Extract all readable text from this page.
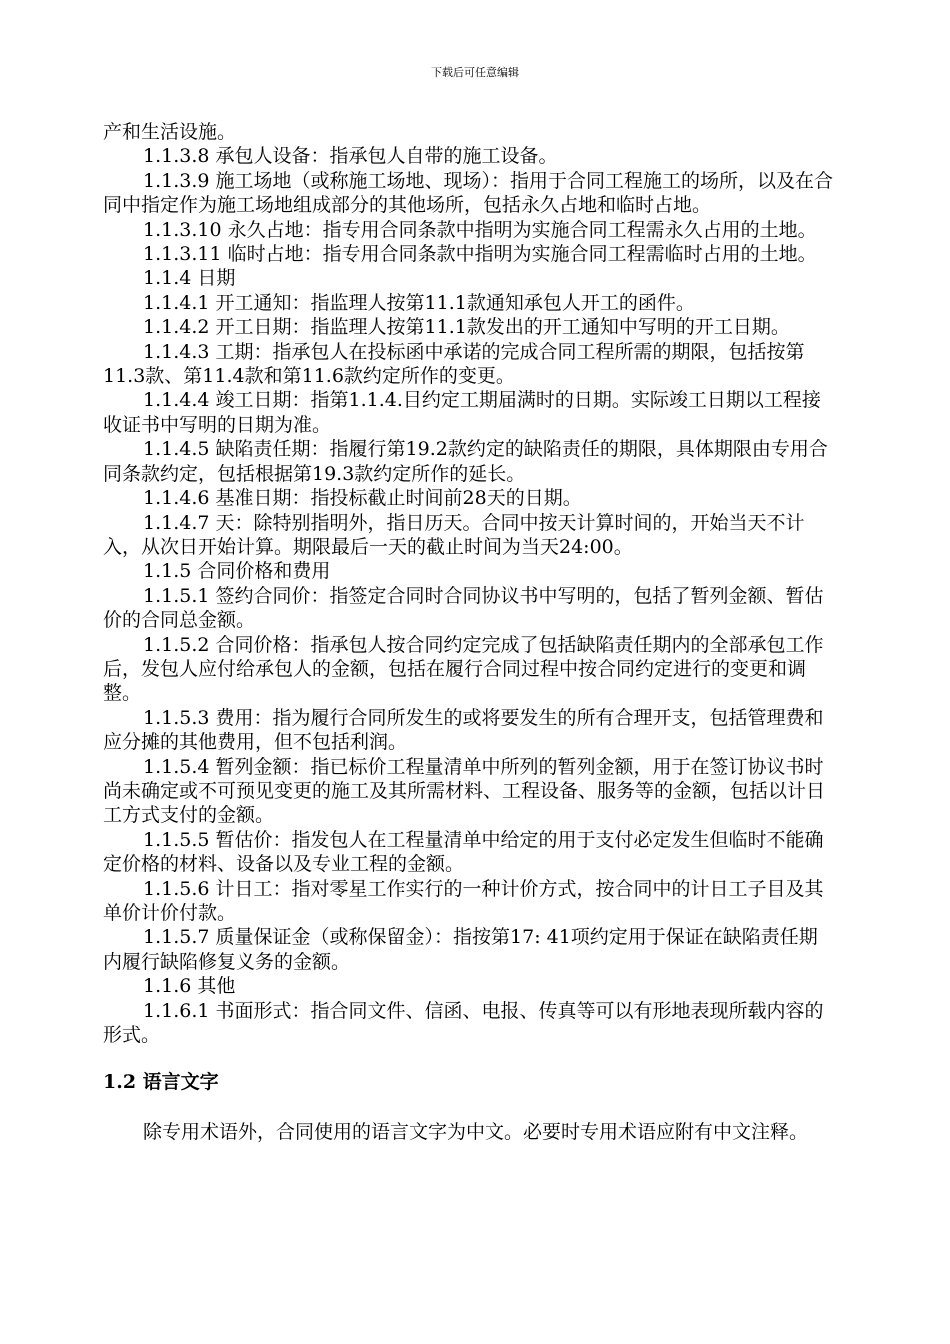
下载后可任意编辑

产和生活设施。

1.1.3.8 承包人设备：指承包人自带的施工设备。

1.1.3.9 施工场地（或称施工场地、现场）：指用于合同工程施工的场所，以及在合同中指定作为施工场地组成部分的其他场所，包括永久占地和临时占地。

1.1.3.10 永久占地：指专用合同条款中指明为实施合同工程需永久占用的土地。

1.1.3.11 临时占地：指专用合同条款中指明为实施合同工程需临时占用的土地。

1.1.4 日期

1.1.4.1 开工通知：指监理人按第11.1款通知承包人开工的函件。

1.1.4.2 开工日期：指监理人按第11.1款发出的开工通知中写明的开工日期。

1.1.4.3 工期：指承包人在投标函中承诺的完成合同工程所需的期限，包括按第11.3款、第11.4款和第11.6款约定所作的变更。

1.1.4.4 竣工日期：指第1.1.4.目约定工期届满时的日期。实际竣工日期以工程接收证书中写明的日期为准。

1.1.4.5 缺陷责任期：指履行第19.2款约定的缺陷责任的期限，具体期限由专用合同条款约定，包括根据第19.3款约定所作的延长。

1.1.4.6 基准日期：指投标截止时间前28天的日期。

1.1.4.7 天：除特别指明外，指日历天。合同中按天计算时间的，开始当天不计入，从次日开始计算。期限最后一天的截止时间为当天24:00。

1.1.5 合同价格和费用

1.1.5.1 签约合同价：指签定合同时合同协议书中写明的，包括了暂列金额、暂估价的合同总金额。

1.1.5.2 合同价格：指承包人按合同约定完成了包括缺陷责任期内的全部承包工作后，发包人应付给承包人的金额，包括在履行合同过程中按合同约定进行的变更和调整。

1.1.5.3 费用：指为履行合同所发生的或将要发生的所有合理开支，包括管理费和应分摊的其他费用，但不包括利润。

1.1.5.4 暂列金额：指已标价工程量清单中所列的暂列金额，用于在签订协议书时尚未确定或不可预见变更的施工及其所需材料、工程设备、服务等的金额，包括以计日工方式支付的金额。

1.1.5.5 暂估价：指发包人在工程量清单中给定的用于支付必定发生但临时不能确定价格的材料、设备以及专业工程的金额。

1.1.5.6 计日工：指对零星工作实行的一种计价方式，按合同中的计日工子目及其单价计价付款。

1.1.5.7 质量保证金（或称保留金）：指按第17: 41项约定用于保证在缺陷责任期内履行缺陷修复义务的金额。

1.1.6 其他

1.1.6.1 书面形式：指合同文件、信函、电报、传真等可以有形地表现所载内容的形式。

1.2 语言文字
除专用术语外，合同使用的语言文字为中文。必要时专用术语应附有中文注释。
